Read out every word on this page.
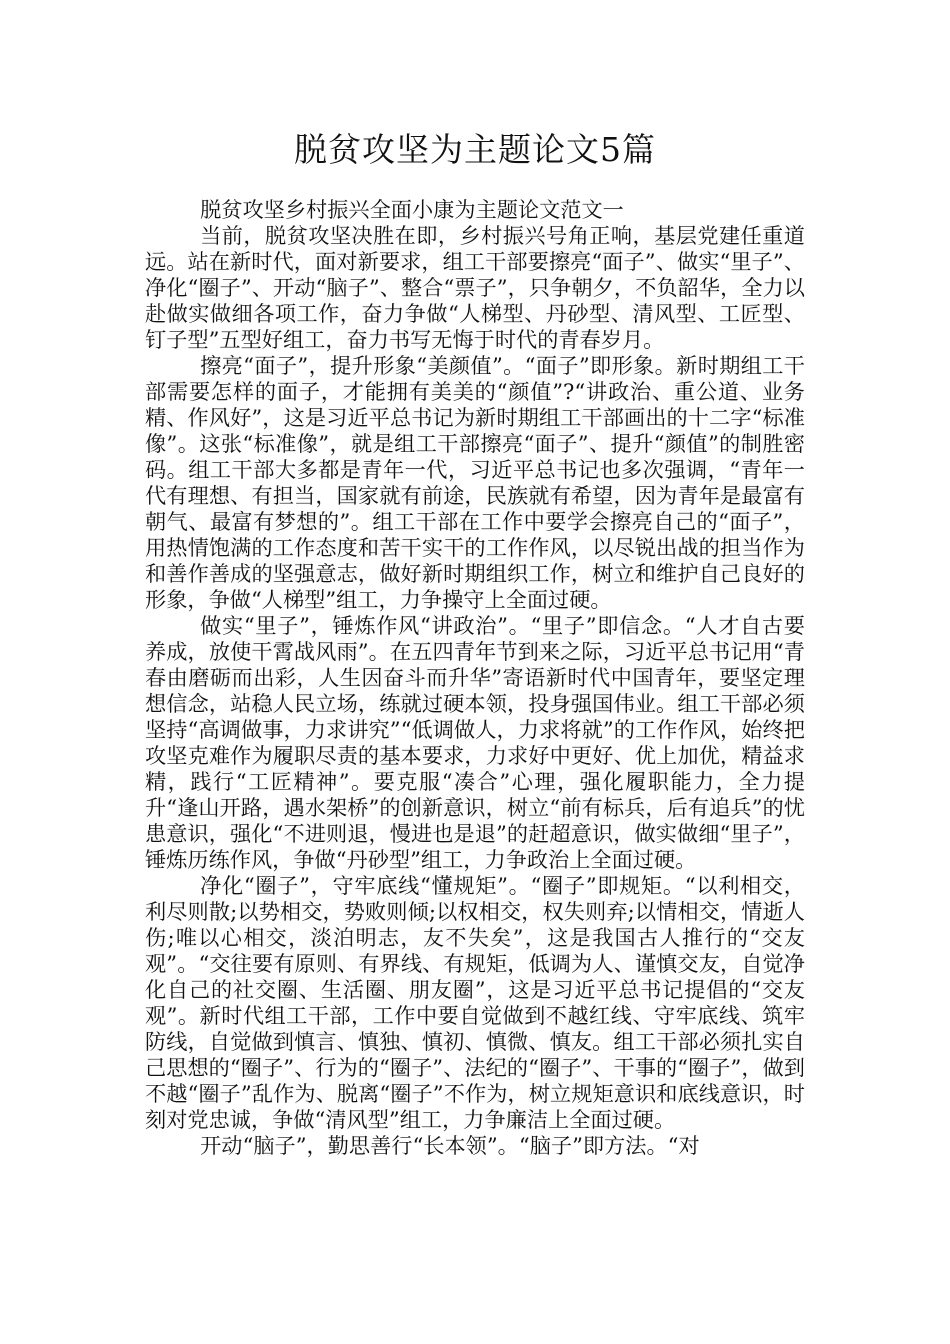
脱贫攻坚为主题论文5篇

脱贫攻坚乡村振兴全面小康为主题论文范文一

当前，脱贫攻坚决胜在即，乡村振兴号角正响，基层党建任重道远。站在新时代，面对新要求，组工干部要擦亮“面子”、做实“里子”、净化“圈子”、开动“脑子”、整合“票子”，只争朝夕，不负韶华，全力以赴做实做细各项工作，奋力争做“人梯型、丹砂型、清风型、工匠型、钉子型”五型好组工，奋力书写无悔于时代的青春岁月。

擦亮“面子”，提升形象“美颜值”。“面子”即形象。新时期组工干部需要怎样的面子，才能拥有美美的“颜值”?“讲政治、重公道、业务精、作风好”，这是习近平总书记为新时期组工干部画出的十二字“标准像”。这张“标准像”，就是组工干部擦亮“面子”、提升“颜值”的制胜密码。组工干部大多都是青年一代，习近平总书记也多次强调，“青年一代有理想、有担当，国家就有前途，民族就有希望，因为青年是最富有朝气、最富有梦想的”。组工干部在工作中要学会擦亮自己的“面子”，用热情饱满的工作态度和苦干实干的工作作风，以尽锐出战的担当作为和善作善成的坚强意志，做好新时期组织工作，树立和维护自己良好的形象，争做“人梯型”组工，力争操守上全面过硬。

做实“里子”，锤炼作风“讲政治”。“里子”即信念。“人才自古要养成，放使干霄战风雨”。在五四青年节到来之际，习近平总书记用“青春由磨砺而出彩，人生因奋斗而升华”寄语新时代中国青年，要坚定理想信念，站稳人民立场，练就过硬本领，投身强国伟业。组工干部必须坚持“高调做事，力求讲究”“低调做人，力求将就”的工作作风，始终把攻坚克难作为履职尽责的基本要求，力求好中更好、优上加优，精益求精，践行“工匠精神”。要克服“凑合”心理，强化履职能力，全力提升“逢山开路，遇水架桥”的创新意识，树立“前有标兵，后有追兵”的忧患意识，强化“不进则退，慢进也是退”的赶超意识，做实做细“里子”，锤炼历练作风，争做“丹砂型”组工，力争政治上全面过硬。

净化“圈子”，守牢底线“懂规矩”。“圈子”即规矩。“以利相交，利尽则散;以势相交，势败则倾;以权相交，权失则弃;以情相交，情逝人伤;唯以心相交，淡泊明志，友不失矣”，这是我国古人推行的“交友观”。“交往要有原则、有界线、有规矩，低调为人、谨慎交友，自觉净化自己的社交圈、生活圈、朋友圈”，这是习近平总书记提倡的“交友观”。新时代组工干部，工作中要自觉做到不越红线、守牢底线、筑牢防线，自觉做到慎言、慎独、慎初、慎微、慎友。组工干部必须扎实自己思想的“圈子”、行为的“圈子”、法纪的“圈子”、干事的“圈子”，做到不越“圈子”乱作为、脱离“圈子”不作为，树立规矩意识和底线意识，时刻对党忠诚，争做“清风型”组工，力争廉洁上全面过硬。

开动“脑子”，勤思善行“长本领”。“脑子”即方法。“对
